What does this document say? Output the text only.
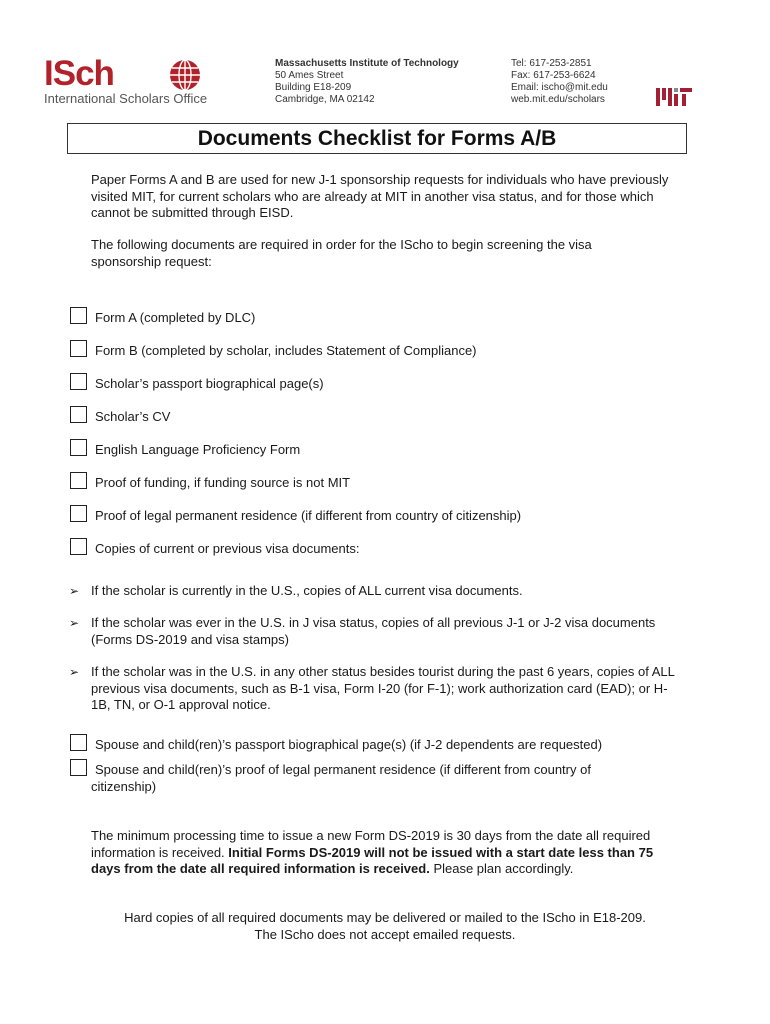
ISch
International Scholars Office
Massachusetts Institute of Technology
50 Ames Street
Building E18-209
Cambridge, MA 02142
Tel: 617-253-2851
Fax: 617-253-6624
Email: ischo@mit.edu
web.mit.edu/scholars
Documents Checklist for Forms A/B
Paper Forms A and B are used for new J-1 sponsorship requests for individuals who have previously visited MIT, for current scholars who are already at MIT in another visa status, and for those which cannot be submitted through EISD.
The following documents are required in order for the IScho to begin screening the visa sponsorship request:
Form A (completed by DLC)
Form B (completed by scholar, includes Statement of Compliance)
Scholar’s passport biographical page(s)
Scholar’s CV
English Language Proficiency Form
Proof of funding, if funding source is not MIT
Proof of legal permanent residence (if different from country of citizenship)
Copies of current or previous visa documents:
➢ If the scholar is currently in the U.S., copies of ALL current visa documents.
➢ If the scholar was ever in the U.S. in J visa status, copies of all previous J-1 or J-2 visa documents (Forms DS-2019 and visa stamps)
➢ If the scholar was in the U.S. in any other status besides tourist during the past 6 years, copies of ALL previous visa documents, such as B-1 visa, Form I-20 (for F-1); work authorization card (EAD); or H-1B, TN, or O-1 approval notice.
Spouse and child(ren)’s passport biographical page(s) (if J-2 dependents are requested)
Spouse and child(ren)’s proof of legal permanent residence (if different from country of
citizenship)
The minimum processing time to issue a new Form DS-2019 is 30 days from the date all required information is received. Initial Forms DS-2019 will not be issued with a start date less than 75 days from the date all required information is received. Please plan accordingly.
Hard copies of all required documents may be delivered or mailed to the IScho in E18-209.
The IScho does not accept emailed requests.
